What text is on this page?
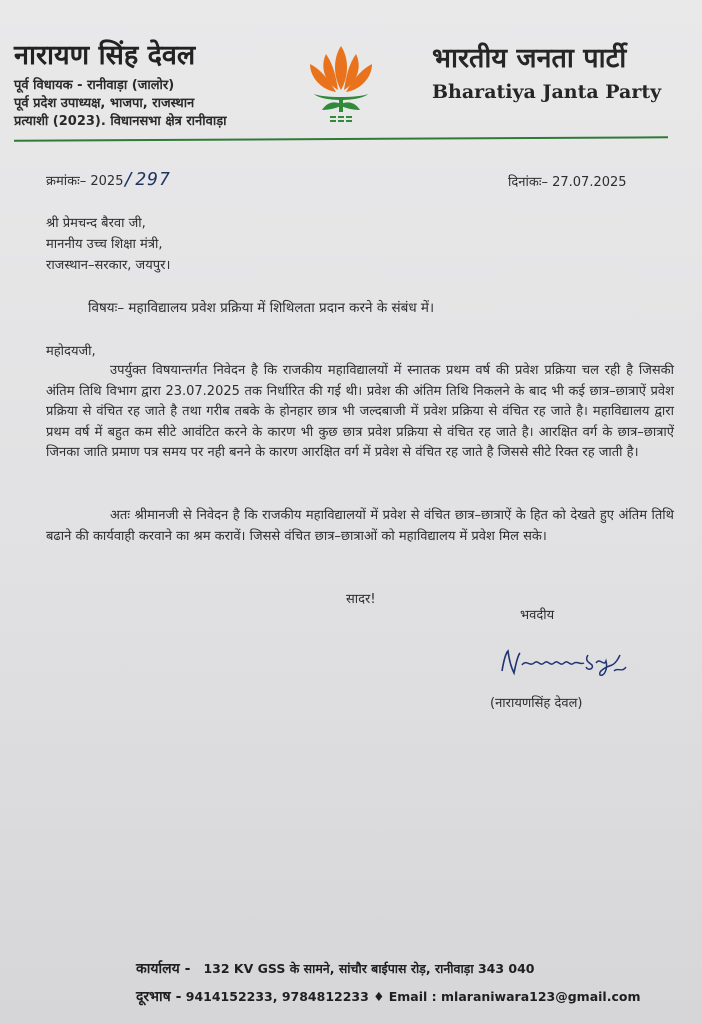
नारायण सिंह देवल
पूर्व विधायक - रानीवाड़ा (जालोर)
पूर्व प्रदेश उपाध्यक्ष, भाजपा, राजस्थान
प्रत्याशी (2023). विधानसभा क्षेत्र रानीवाड़ा
भारतीय जनता पार्टी
Bharatiya Janta Party
क्रमांकः– 2025/297	दिनांकः– 27.07.2025
श्री प्रेमचन्द बैरवा जी,
माननीय उच्च शिक्षा मंत्री,
राजस्थान–सरकार, जयपुर।
विषयः– महाविद्यालय प्रवेश प्रक्रिया में शिथिलता प्रदान करने के संबंध में।
महोदयजी,
उपर्युक्त विषयान्तर्गत निवेदन है कि राजकीय महाविद्यालयों में स्नातक प्रथम वर्ष की प्रवेश प्रक्रिया चल रही है जिसकी अंतिम तिथि विभाग द्वारा 23.07.2025 तक निर्धारित की गई थी। प्रवेश की अंतिम तिथि निकलने के बाद भी कई छात्र–छात्राऐं प्रवेश प्रक्रिया से वंचित रह जाते है तथा गरीब तबके के होनहार छात्र भी जल्दबाजी में प्रवेश प्रक्रिया से वंचित रह जाते है। महाविद्यालय द्वारा प्रथम वर्ष में बहुत कम सीटे आवंटित करने के कारण भी कुछ छात्र प्रवेश प्रक्रिया से वंचित रह जाते है। आरक्षित वर्ग के छात्र–छात्राऐं जिनका जाति प्रमाण पत्र समय पर नही बनने के कारण आरक्षित वर्ग में प्रवेश से वंचित रह जाते है जिससे सीटे रिक्त रह जाती है।
अतः श्रीमानजी से निवेदन है कि राजकीय महाविद्यालयों में प्रवेश से वंचित छात्र–छात्राऐं के हित को देखते हुए अंतिम तिथि बढाने की कार्यवाही करवाने का श्रम करावें। जिससे वंचित छात्र–छात्राओं को महाविद्यालय में प्रवेश मिल सके।
सादर!
भवदीय
(नारायणसिंह देवल)
कार्यालय - 132 KV GSS के सामने, सांचौर बाईपास रोड़, रानीवाड़ा 343 040
दूरभाष - 9414152233, 9784812233 ♦ Email : mlaraniwara123@gmail.com
